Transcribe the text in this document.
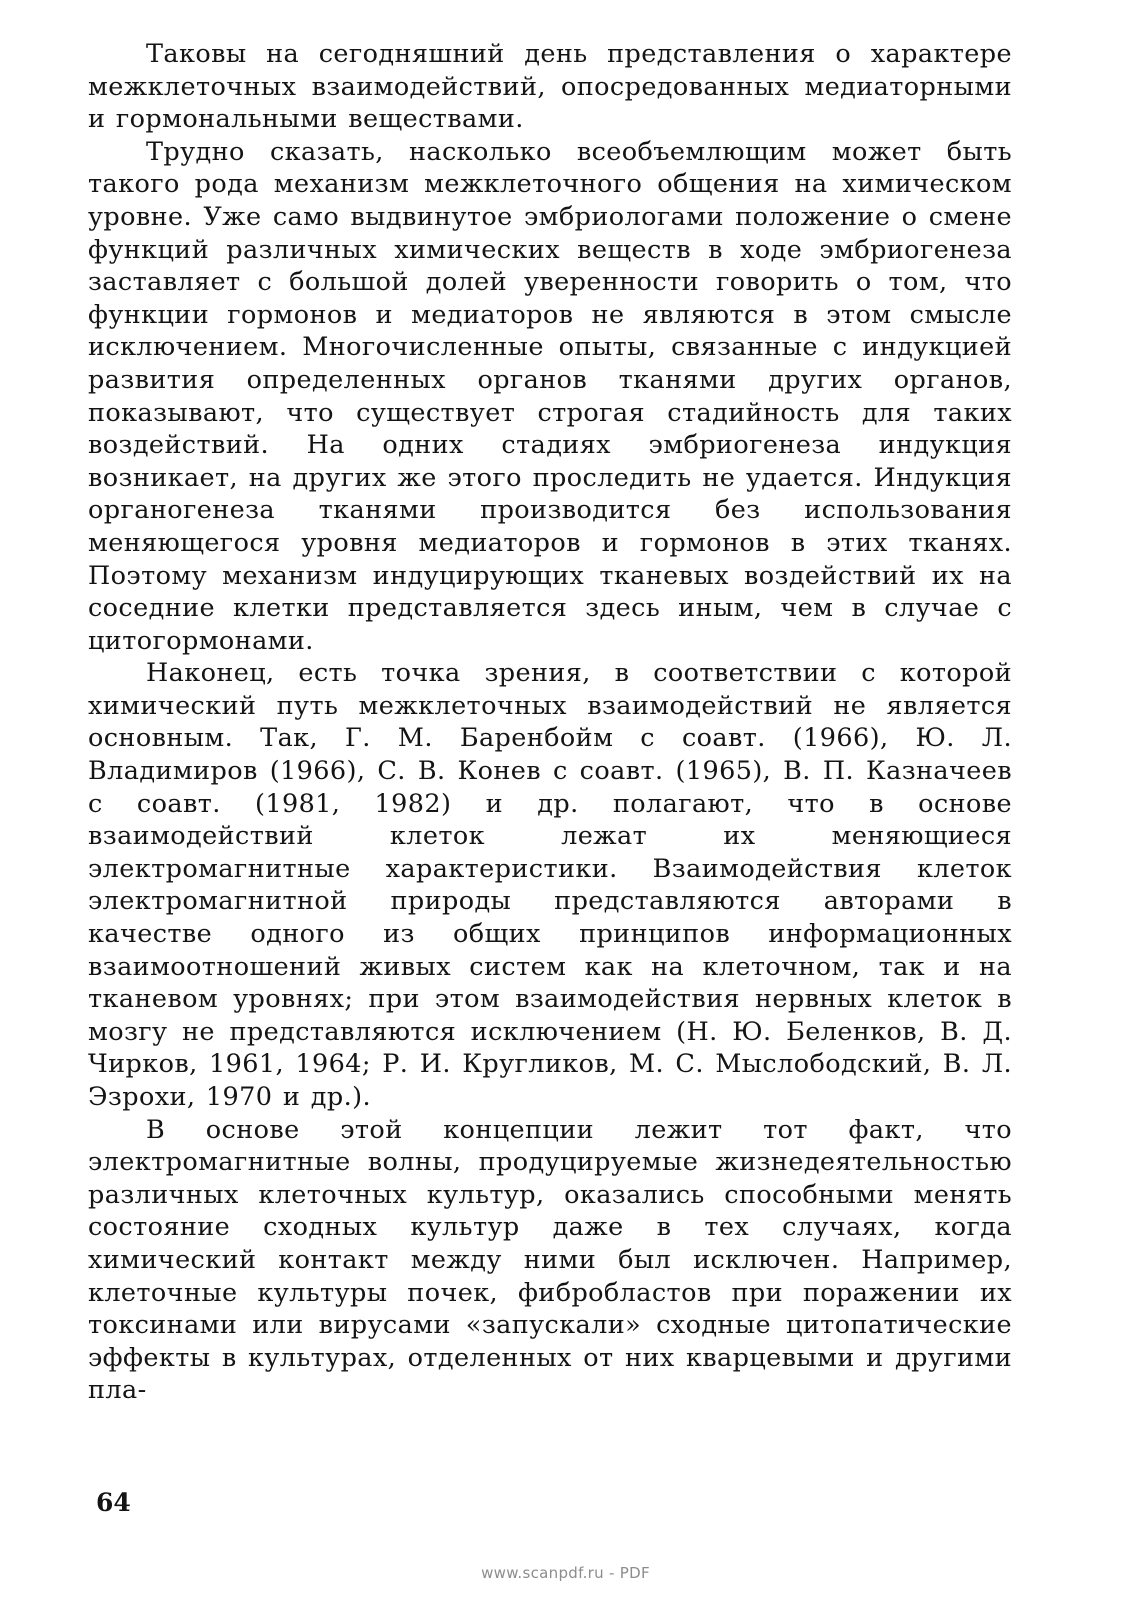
Таковы на сегодняшний день представления о характере межклеточных взаимодействий, опосредованных медиаторными и гормональными веществами.

Трудно сказать, насколько всеобъемлющим может быть такого рода механизм межклеточного общения на химическом уровне. Уже само выдвинутое эмбриологами положение о смене функций различных химических веществ в ходе эмбриогенеза заставляет с большой долей уверенности говорить о том, что функции гормонов и медиаторов не являются в этом смысле исключением. Многочисленные опыты, связанные с индукцией развития определенных органов тканями других органов, показывают, что существует строгая стадийность для таких воздействий. На одних стадиях эмбриогенеза индукция возникает, на других же этого проследить не удается. Индукция органогенеза тканями производится без использования меняющегося уровня медиаторов и гормонов в этих тканях. Поэтому механизм индуцирующих тканевых воздействий их на соседние клетки представляется здесь иным, чем в случае с цитогормонами.

Наконец, есть точка зрения, в соответствии с которой химический путь межклеточных взаимодействий не является основным. Так, Г. М. Баренбойм с соавт. (1966), Ю. Л. Владимиров (1966), С. В. Конев с соавт. (1965), В. П. Казначеев с соавт. (1981, 1982) и др. полагают, что в основе взаимодействий клеток лежат их меняющиеся электромагнитные характеристики. Взаимодействия клеток электромагнитной природы представляются авторами в качестве одного из общих принципов информационных взаимоотношений живых систем как на клеточном, так и на тканевом уровнях; при этом взаимодействия нервных клеток в мозгу не представляются исключением (Н. Ю. Беленков, В. Д. Чирков, 1961, 1964; Р. И. Кругликов, М. С. Мыслободский, В. Л. Эзрохи, 1970 и др.).

В основе этой концепции лежит тот факт, что электромагнитные волны, продуцируемые жизнедеятельностью различных клеточных культур, оказались способными менять состояние сходных культур даже в тех случаях, когда химический контакт между ними был исключен. Например, клеточные культуры почек, фибробластов при поражении их токсинами или вирусами «запускали» сходные цитопатические эффекты в культурах, отделенных от них кварцевыми и другими пла-

64
www.scanpdf.ru - PDF
